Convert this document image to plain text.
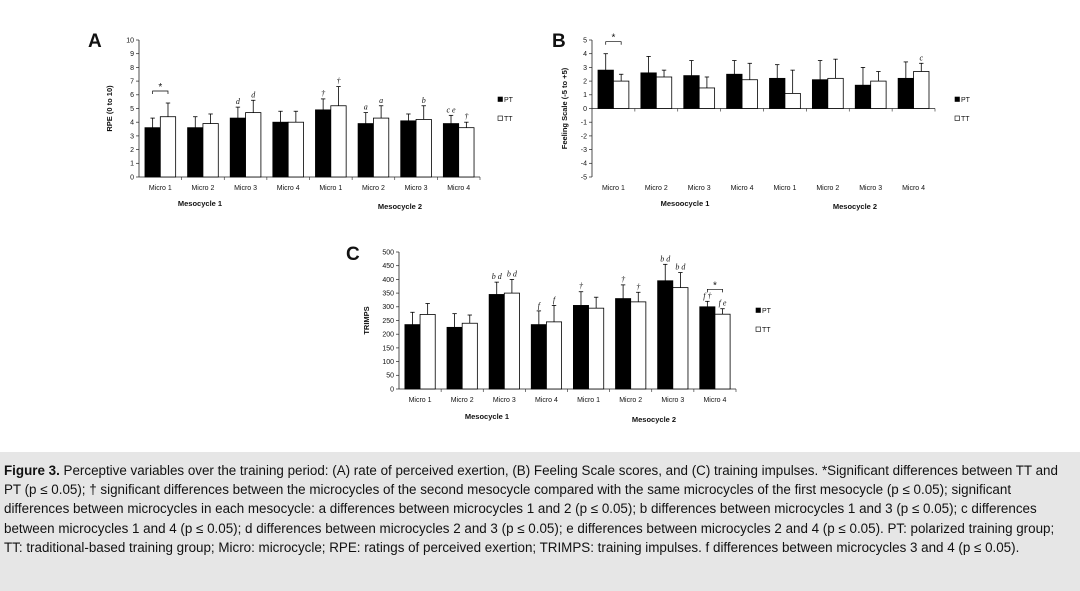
A
0
1
2
3
4
5
6
7
8
9
10
RPE (0 to 10)
Micro 1	Micro 2	Micro 3
d
d
Micro 4	Micro 1
†
†
Micro 2
a
a
Micro 3
b
Micro 4
c e
†
*
Mesocycle 1	Mesocycle 2
PT
TT
B
-5
-4
-3
-2
-1
0
1
2
3
4
5
Feeling Scale (-5 to +5)
Micro 1	Micro 2	Micro 3	Micro 4	Micro 1	Micro 2	Micro 3	Micro 4
c
*
Mesoocycle 1	Mesocycle 2
PT
TT
C
0
50
100
150
200
250
300
350
400
450
500
TRIMPS
Micro 1	Micro 2	Micro 3
b d b d
Micro 4
f
f
Micro 1
†
Micro 2
†
†
Micro 3
b d
b d
Micro 4
f †
f e
*
Mesocycle 1	Mesocycle 2
PT
TT
Figure 3. Perceptive variables over the training period: (A) rate of perceived exertion, (B) Feeling Scale scores, and (C) training impulses. *Significant differences between TT and PT (p ≤ 0.05); † significant differences between the microcycles of the second mesocycle compared with the same microcycles of the first mesocycle (p ≤ 0.05); significant differences between microcycles in each mesocycle: a differences between microcycles 1 and 2 (p ≤ 0.05); b differences between microcycles 1 and 3 (p ≤ 0.05); c differences between microcycles 1 and 4 (p ≤ 0.05); d differences between microcycles 2 and 3 (p ≤ 0.05); e differences between microcycles 2 and 4 (p ≤ 0.05). PT: polarized training group; TT: traditional-based training group; Micro: microcycle; RPE: ratings of perceived exertion; TRIMPS: training impulses. f differences between microcycles 3 and 4 (p ≤ 0.05).
